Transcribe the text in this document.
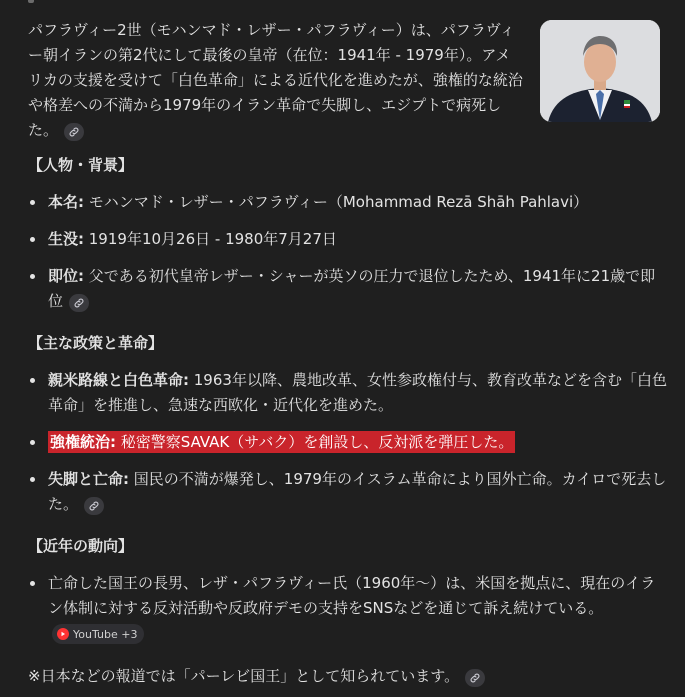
パフラヴィー2世（モハンマド・レザー・パフラヴィー）は、パフラヴィー朝イランの第2代にして最後の皇帝（在位：1941年 - 1979年）。アメリカの支援を受けて「白色革命」による近代化を進めたが、強権的な統治や格差への不満から1979年のイラン革命で失脚し、エジプトで病死した。

【人物・背景】

本名: モハンマド・レザー・パフラヴィー（Mohammad Rezā Shāh Pahlavi）
生没: 1919年10月26日 - 1980年7月27日
即位: 父である初代皇帝レザー・シャーが英ソの圧力で退位したため、1941年に21歳で即位

【主な政策と革命】

親米路線と白色革命: 1963年以降、農地改革、女性参政権付与、教育改革などを含む「白色革命」を推進し、急速な西欧化・近代化を進めた。
強権統治: 秘密警察SAVAK（サバク）を創設し、反対派を弾圧した。
失脚と亡命: 国民の不満が爆発し、1979年のイスラム革命により国外亡命。カイロで死去した。

【近年の動向】

亡命した国王の長男、レザ・パフラヴィー氏（1960年〜）は、米国を拠点に、現在のイラン体制に対する反対活動や反政府デモの支持をSNSなどを通じて訴え続けている。
YouTube +3

※日本などの報道では「パーレビ国王」として知られています。
